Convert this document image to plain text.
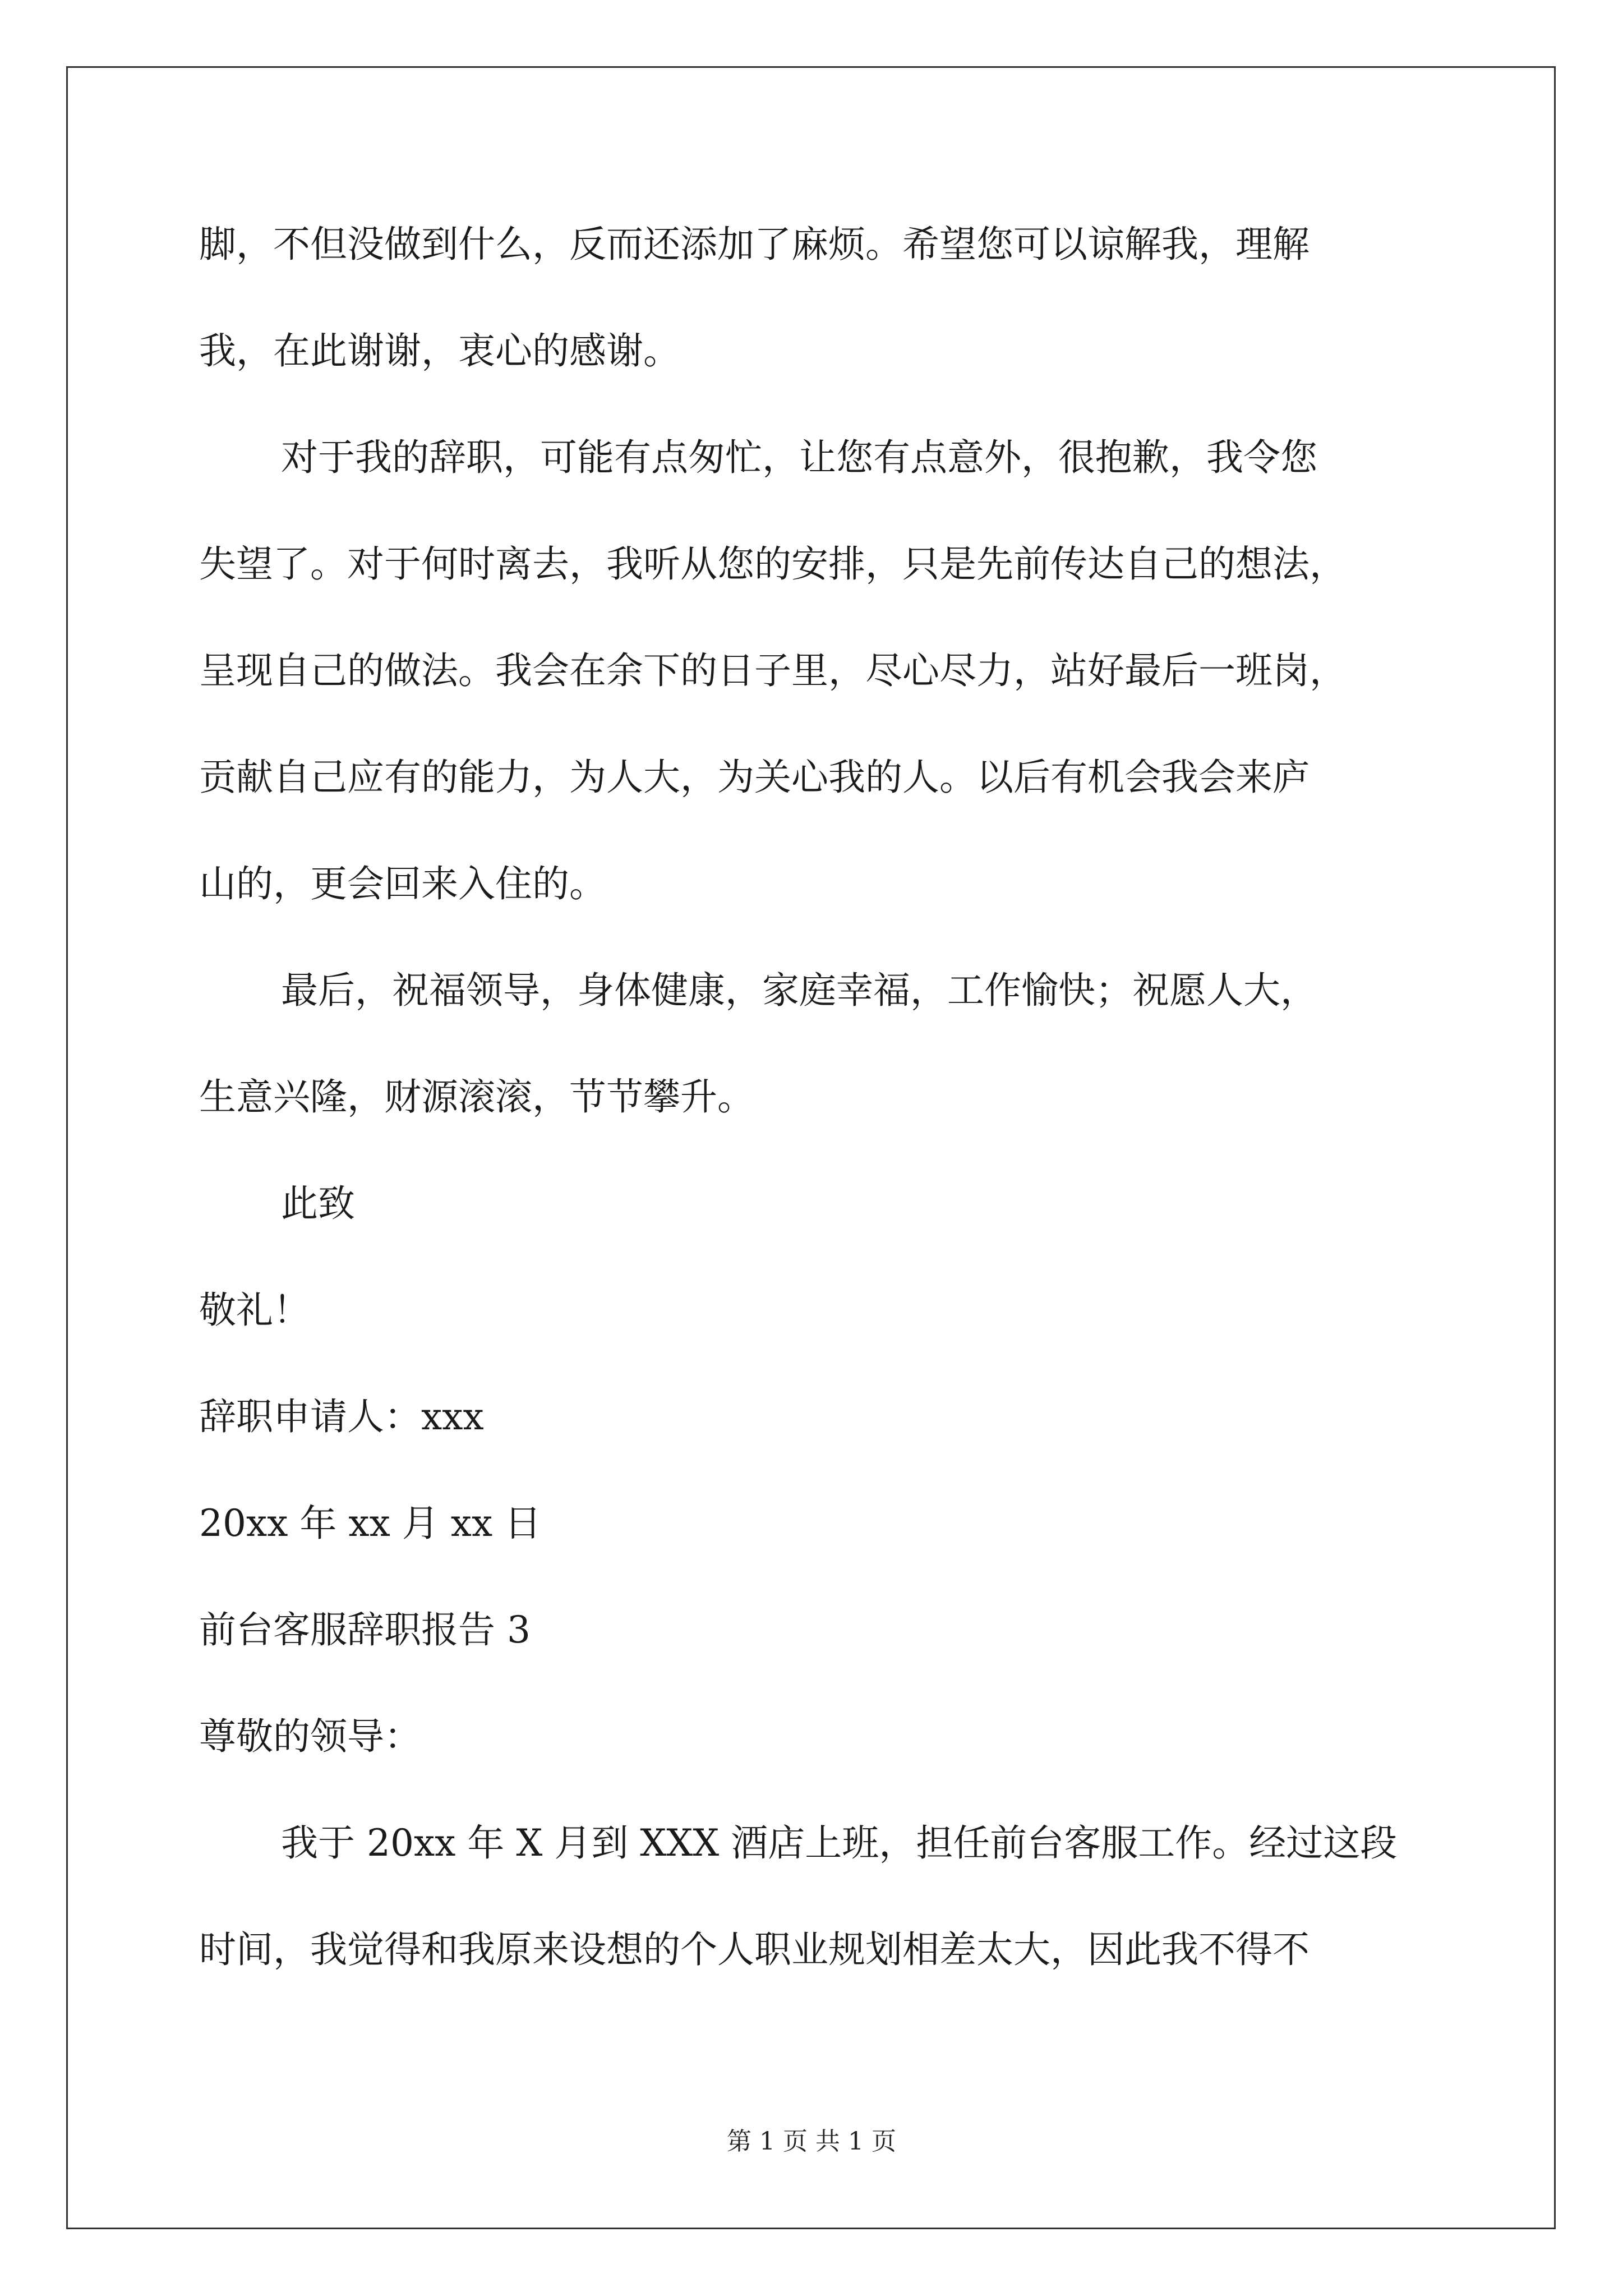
脚，不但没做到什么，反而还添加了麻烦。希望您可以谅解我，理解
我，在此谢谢，衷心的感谢。
对于我的辞职，可能有点匆忙，让您有点意外，很抱歉，我令您
失望了。对于何时离去，我听从您的安排，只是先前传达自己的想法，
呈现自己的做法。我会在余下的日子里，尽心尽力，站好最后一班岗，
贡献自己应有的能力，为人大，为关心我的人。以后有机会我会来庐
山的，更会回来入住的。
最后，祝福领导，身体健康，家庭幸福，工作愉快；祝愿人大，
生意兴隆，财源滚滚，节节攀升。
此致
敬礼！
辞职申请人：xxx
20xx 年 xx 月 xx 日
前台客服辞职报告 3
尊敬的领导：
我于 20xx 年 X 月到 XXX 酒店上班，担任前台客服工作。经过这段
时间，我觉得和我原来设想的个人职业规划相差太大，因此我不得不
第 1 页 共 1 页
